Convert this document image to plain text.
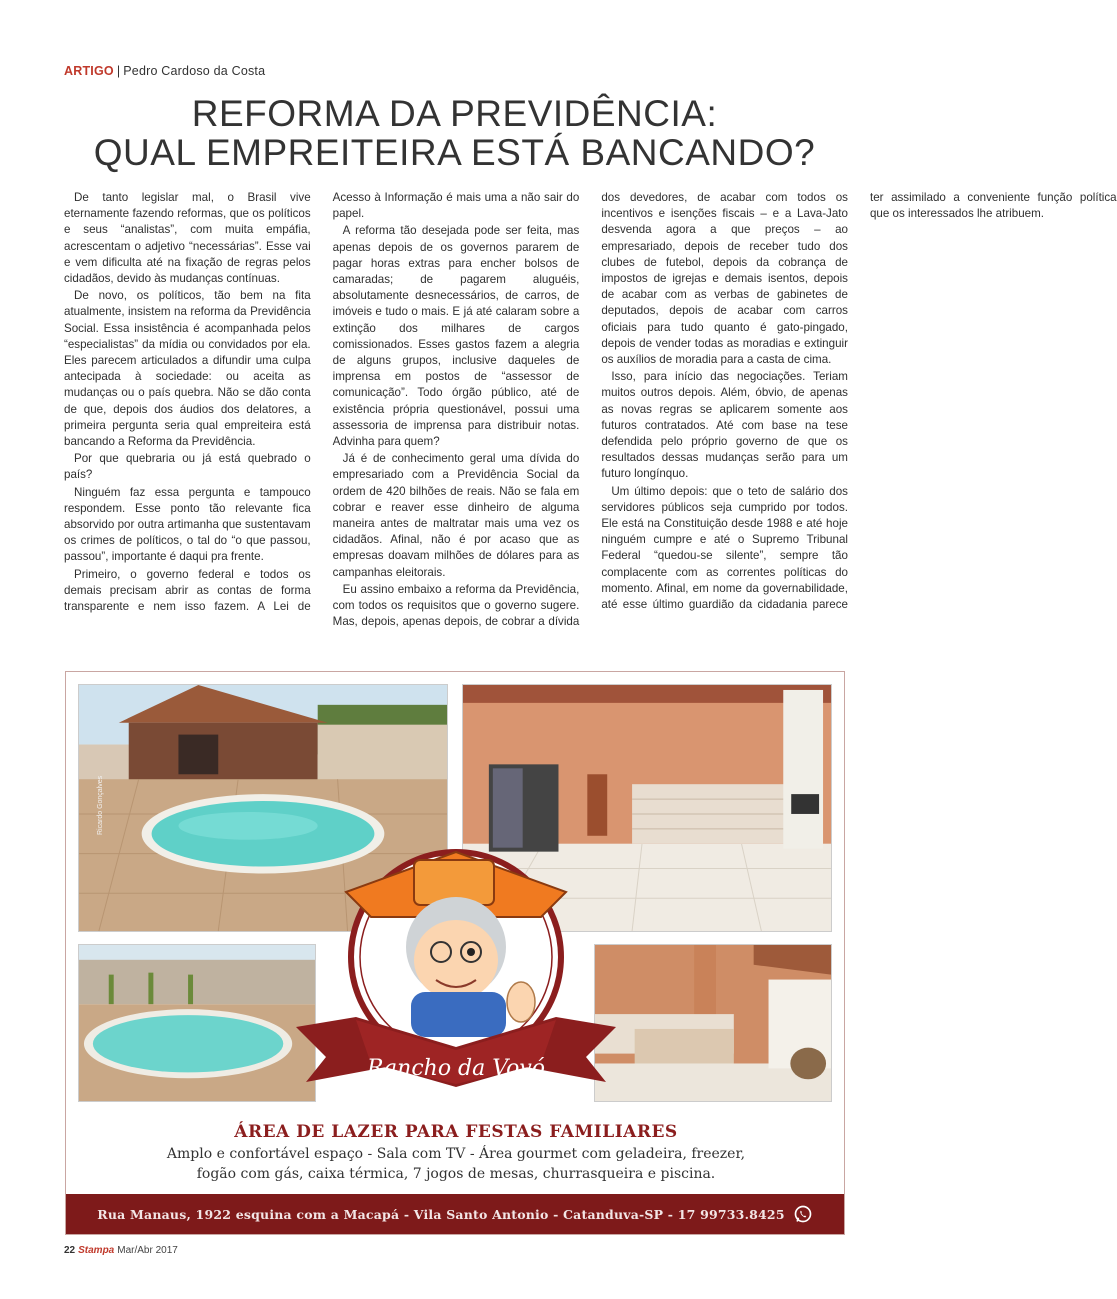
ARTIGO | Pedro Cardoso da Costa
REFORMA DA PREVIDÊNCIA:
QUAL EMPREITEIRA ESTÁ BANCANDO?

De tanto legislar mal, o Brasil vive eternamente fazendo reformas, que os políticos e seus “analistas”, com muita empáfia, acrescentam o adjetivo “necessárias”. Esse vai e vem dificulta até na fixação de regras pelos cidadãos, devido às mudanças contínuas.

De novo, os políticos, tão bem na fita atualmente, insistem na reforma da Previdência Social. Essa insistência é acompanhada pelos “especialistas” da mídia ou convidados por ela. Eles parecem articulados a difundir uma culpa antecipada à sociedade: ou aceita as mudanças ou o país quebra. Não se dão conta de que, depois dos áudios dos delatores, a primeira pergunta seria qual empreiteira está bancando a Reforma da Previdência.

Por que quebraria ou já está quebrado o país?

Ninguém faz essa pergunta e tampouco respondem. Esse ponto tão relevante fica absorvido por outra artimanha que sustentavam os crimes de políticos, o tal do “o que passou, passou”, importante é daqui pra frente.

Primeiro, o governo federal e todos os demais precisam abrir as contas de forma transparente e nem isso fazem. A Lei de Acesso à Informação é mais uma a não sair do papel.

A reforma tão desejada pode ser feita, mas apenas depois de os governos pararem de pagar horas extras para encher bolsos de camaradas; de pagarem aluguéis, absolutamente desnecessários, de carros, de imóveis e tudo o mais. E já até calaram sobre a extinção dos milhares de cargos comissionados. Esses gastos fazem a alegria de alguns grupos, inclusive daqueles de imprensa em postos de “assessor de comunicação”. Todo órgão público, até de existência própria questionável, possui uma assessoria de imprensa para distribuir notas. Advinha para quem?

Já é de conhecimento geral uma dívida do empresariado com a Previdência Social da ordem de 420 bilhões de reais. Não se fala em cobrar e reaver esse dinheiro de alguma maneira antes de maltratar mais uma vez os cidadãos. Afinal, não é por acaso que as empresas doavam milhões de dólares para as campanhas eleitorais.

Eu assino embaixo a reforma da Previdência, com todos os requisitos que o governo sugere. Mas, depois, apenas depois, de cobrar a dívida dos devedores, de acabar com todos os incentivos e isenções fiscais – e a Lava-Jato desvenda agora a que preços – ao empresariado, depois de receber tudo dos clubes de futebol, depois da cobrança de impostos de igrejas e demais isentos, depois de acabar com as verbas de gabinetes de deputados, depois de acabar com carros oficiais para tudo quanto é gato-pingado, depois de vender todas as moradias e extinguir os auxílios de moradia para a casta de cima.

Isso, para início das negociações. Teriam muitos outros depois. Além, óbvio, de apenas as novas regras se aplicarem somente aos futuros contratados. Até com base na tese defendida pelo próprio governo de que os resultados dessas mudanças serão para um futuro longínquo.

Um último depois: que o teto de salário dos servidores públicos seja cumprido por todos. Ele está na Constituição desde 1988 e até hoje ninguém cumpre e até o Supremo Tribunal Federal “quedou-se silente”, sempre tão complacente com as correntes políticas do momento. Afinal, em nome da governabilidade, até esse último guardião da cidadania parece ter assimilado a conveniente função política que os interessados lhe atribuem.

Ricardo Gonçalves
Rancho da Vovó
ÁREA DE LAZER PARA FESTAS FAMILIARES
Amplo e confortável espaço - Sala com TV - Área gourmet com geladeira, freezer,
fogão com gás, caixa térmica, 7 jogos de mesas, churrasqueira e piscina.
Rua Manaus, 1922 esquina com a Macapá - Vila Santo Antonio - Catanduva-SP - 17 99733.8425
22 Stampa Mar/Abr 2017
